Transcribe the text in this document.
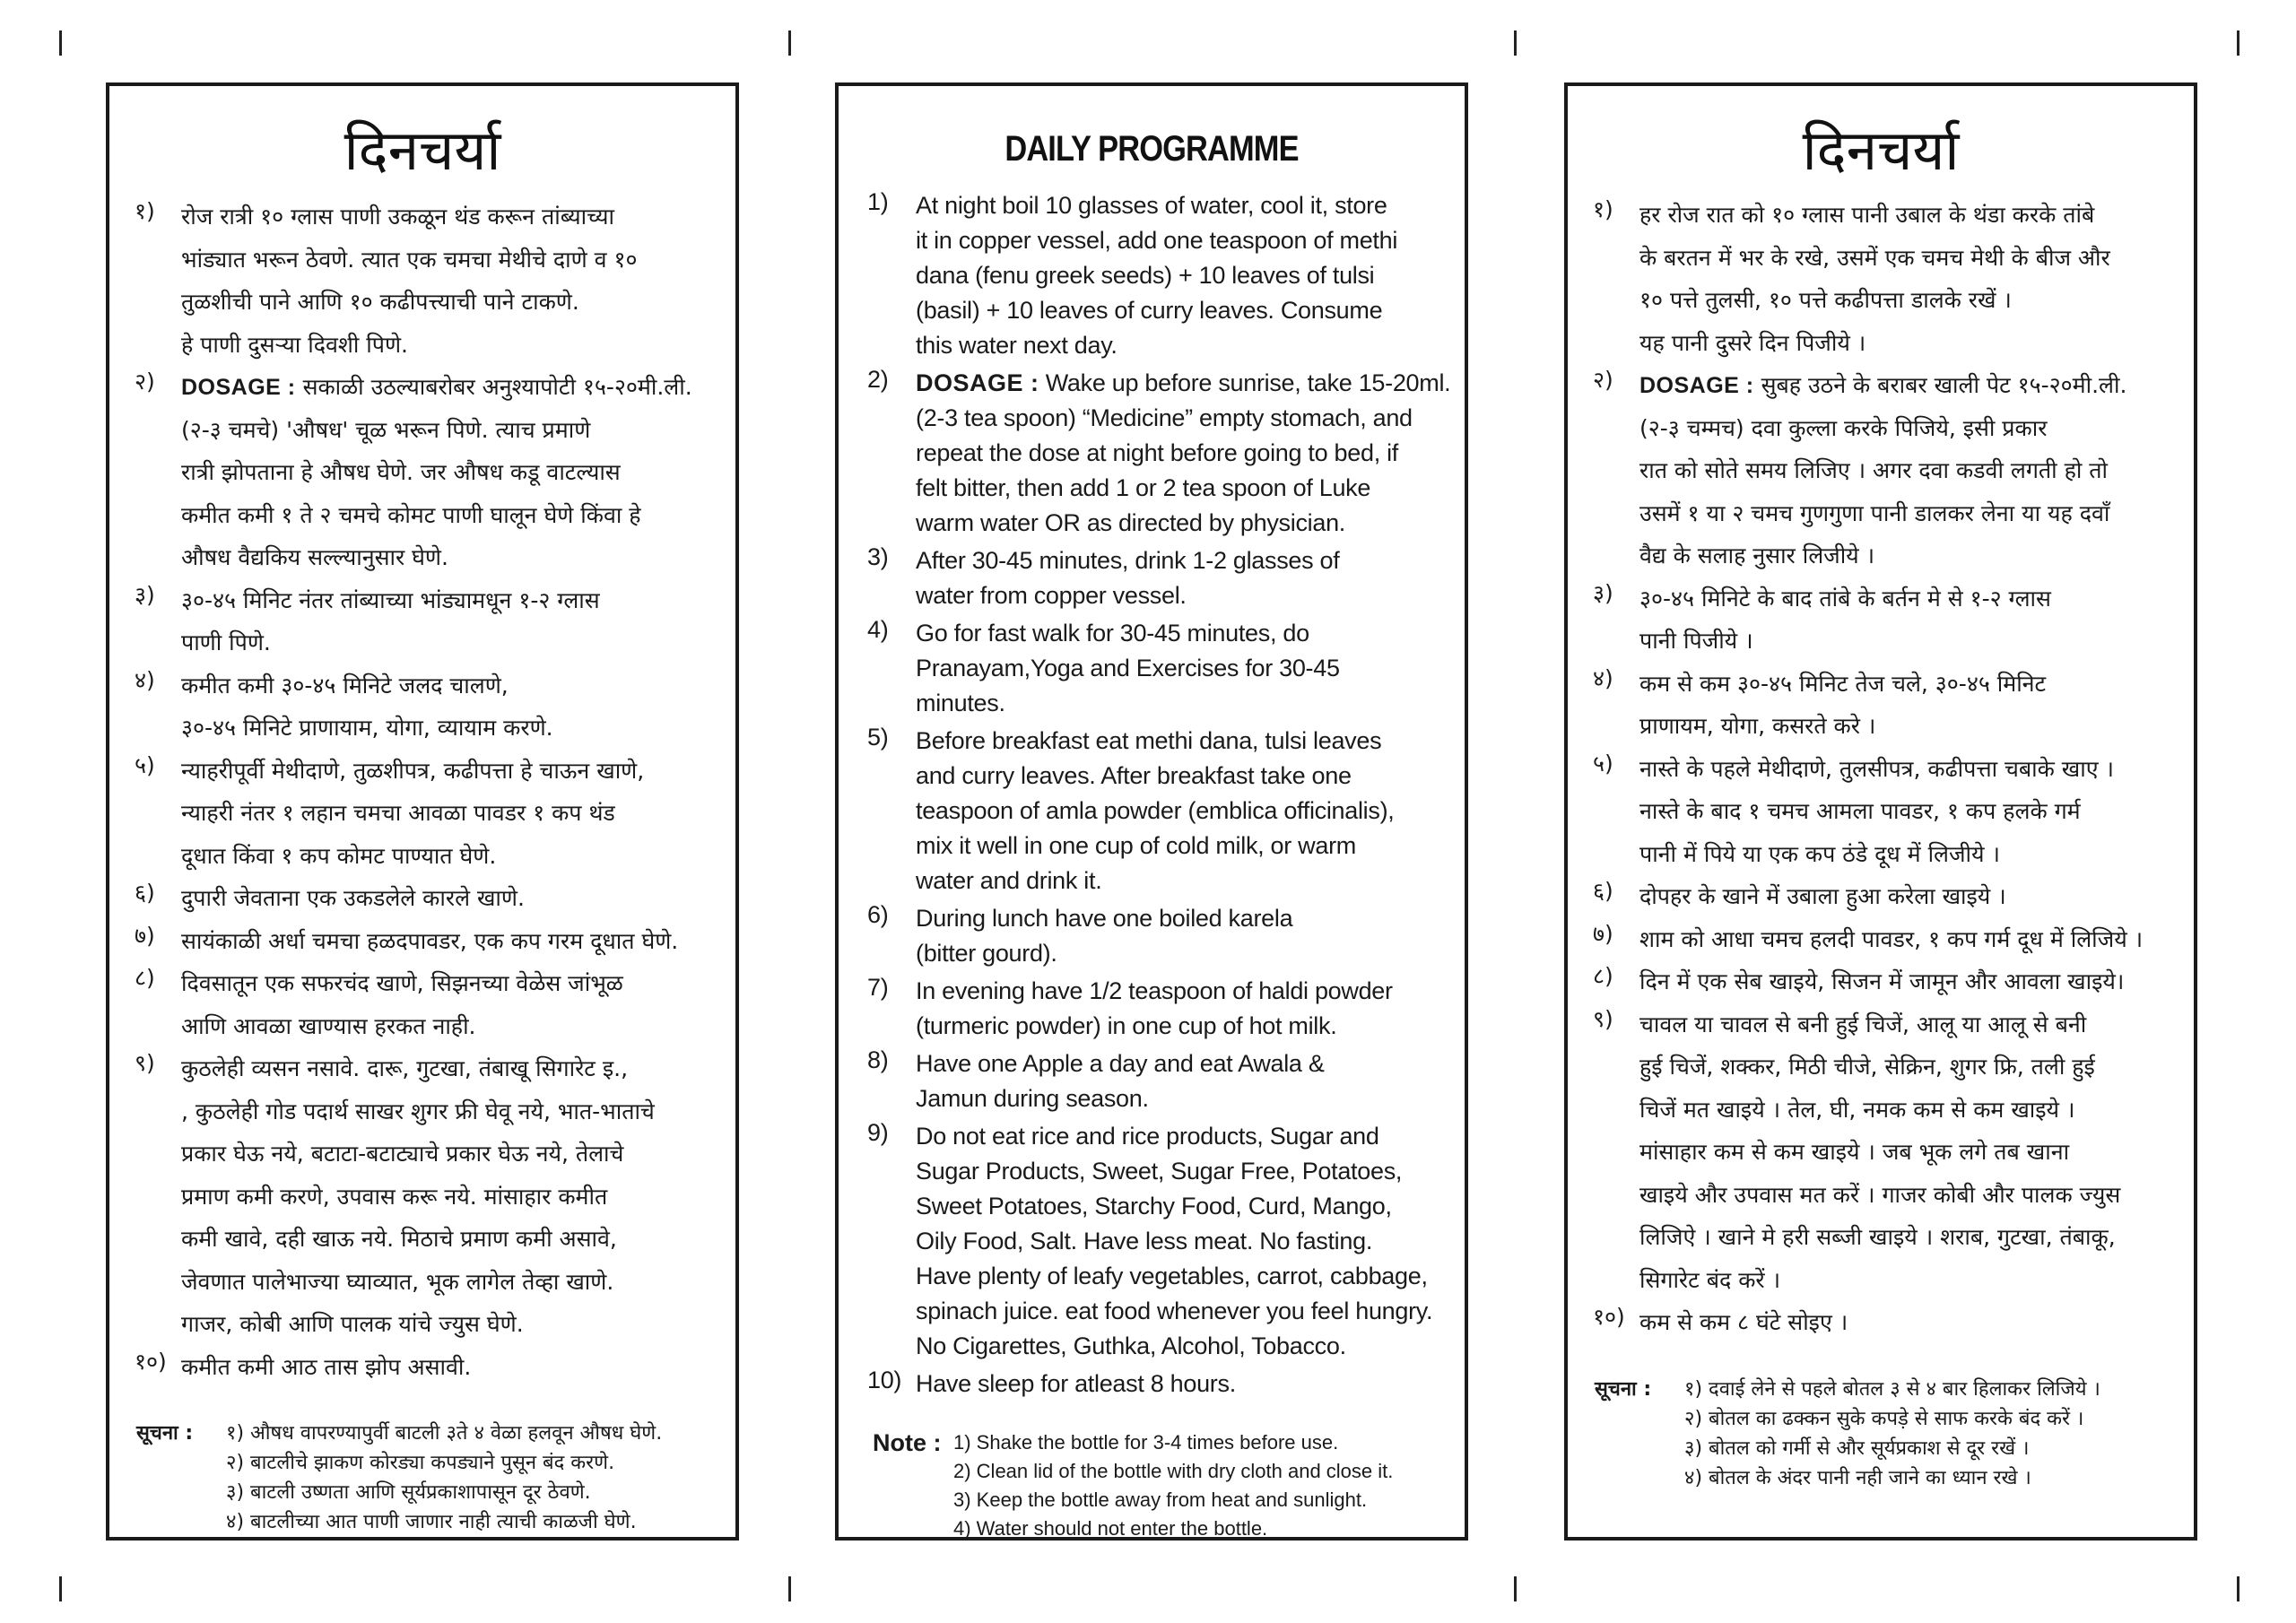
दिनचर्या
१)	रोज रात्री १० ग्लास पाणी उकळून थंड करून तांब्याच्या
भांड्यात भरून ठेवणे. त्यात एक चमचा मेथीचे दाणे व १०
तुळशीची पाने आणि १० कढीपत्त्याची पाने टाकणे.
हे पाणी दुसऱ्या दिवशी पिणे.
२)	DOSAGE : सकाळी उठल्याबरोबर अनुश्यापोटी १५-२०मी.ली.
(२-३ चमचे) 'औषध' चूळ भरून पिणे. त्याच प्रमाणे
रात्री झोपताना हे औषध घेणे. जर औषध कडू वाटल्यास
कमीत कमी १ ते २ चमचे कोमट पाणी घालून घेणे किंवा हे
औषध वैद्यकिय सल्ल्यानुसार घेणे.
३)	३०-४५ मिनिट नंतर तांब्याच्या भांड्यामधून १-२ ग्लास
पाणी पिणे.
४)	कमीत कमी ३०-४५ मिनिटे जलद चालणे,
३०-४५ मिनिटे प्राणायाम, योगा, व्यायाम करणे.
५)	न्याहरीपूर्वी मेथीदाणे, तुळशीपत्र, कढीपत्ता हे चाऊन खाणे,
न्याहरी नंतर १ लहान चमचा आवळा पावडर १ कप थंड
दूधात किंवा १ कप कोमट पाण्यात घेणे.
६)	दुपारी जेवताना एक उकडलेले कारले खाणे.
७)	सायंकाळी अर्धा चमचा हळदपावडर, एक कप गरम दूधात घेणे.
८)	दिवसातून एक सफरचंद खाणे, सिझनच्या वेळेस जांभूळ
आणि आवळा खाण्यास हरकत नाही.
९)	कुठलेही व्यसन नसावे. दारू, गुटखा, तंबाखू सिगारेट इ.,
, कुठलेही गोड पदार्थ साखर शुगर फ्री घेवू नये, भात-भाताचे
प्रकार घेऊ नये, बटाटा-बटाट्याचे प्रकार घेऊ नये, तेलाचे
प्रमाण कमी करणे, उपवास करू नये. मांसाहार कमीत
कमी खावे, दही खाऊ नये. मिठाचे प्रमाण कमी असावे,
जेवणात पालेभाज्या घ्याव्यात, भूक लागेल तेव्हा खाणे.
गाजर, कोबी आणि पालक यांचे ज्युस घेणे.
१०) कमीत कमी आठ तास झोप असावी.
सूचना :	१) औषध वापरण्यापुर्वी बाटली ३ते ४ वेळा हलवून औषध घेणे.
२) बाटलीचे झाकण कोरड्या कपड्याने पुसून बंद करणे.
३) बाटली उष्णता आणि सूर्यप्रकाशापासून दूर ठेवणे.
४) बाटलीच्या आत पाणी जाणार नाही त्याची काळजी घेणे.
DAILY PROGRAMME
1)	At night boil 10 glasses of water, cool it, store
it in copper vessel, add one teaspoon of methi
dana (fenu greek seeds) + 10 leaves of tulsi
(basil) + 10 leaves of curry leaves. Consume
this water next day.
2)	DOSAGE : Wake up before sunrise, take 15-20ml.
(2-3 tea spoon) “Medicine” empty stomach, and
repeat the dose at night before going to bed, if
felt bitter, then add 1 or 2 tea spoon of Luke
warm water OR as directed by physician.
3)	After 30-45 minutes, drink 1-2 glasses of
water from copper vessel.
4)	Go for fast walk for 30-45 minutes, do
Pranayam,Yoga and Exercises for 30-45
minutes.
5)	Before breakfast eat methi dana, tulsi leaves
and curry leaves. After breakfast take one
teaspoon of amla powder (emblica officinalis),
mix it well in one cup of cold milk, or warm
water and drink it.
6)	During lunch have one boiled karela
(bitter gourd).
7)	In evening have 1/2 teaspoon of haldi powder
(turmeric powder) in one cup of hot milk.
8)	Have one Apple a day and eat Awala &
Jamun during season.
9)	Do not eat rice and rice products, Sugar and
Sugar Products, Sweet, Sugar Free, Potatoes,
Sweet Potatoes, Starchy Food, Curd, Mango,
Oily Food, Salt. Have less meat. No fasting.
Have plenty of leafy vegetables, carrot, cabbage,
spinach juice. eat food whenever you feel hungry.
No Cigarettes, Guthka, Alcohol, Tobacco.
10) Have sleep for atleast 8 hours.
Note : 1) Shake the bottle for 3-4 times before use.
2) Clean lid of the bottle with dry cloth and close it.
3) Keep the bottle away from heat and sunlight.
4) Water should not enter the bottle.
दिनचर्या
१)	हर रोज रात को १० ग्लास पानी उबाल के थंडा करके तांबे
के बरतन में भर के रखे, उसमें एक चमच मेथी के बीज और
१० पत्ते तुलसी, १० पत्ते कढीपत्ता डालके रखें ।
यह पानी दुसरे दिन पिजीये ।
२)	DOSAGE : सुबह उठने के बराबर खाली पेट १५-२०मी.ली.
(२-३ चम्मच) दवा कुल्ला करके पिजिये, इसी प्रकार
रात को सोते समय लिजिए । अगर दवा कडवी लगती हो तो
उसमें १ या २ चमच गुणगुणा पानी डालकर लेना या यह दवाँ
वैद्य के सलाह नुसार लिजीये ।
३)	३०-४५ मिनिटे के बाद तांबे के बर्तन मे से १-२ ग्लास
पानी पिजीये ।
४)	कम से कम ३०-४५ मिनिट तेज चले, ३०-४५ मिनिट
प्राणायम, योगा, कसरते करे ।
५)	नास्ते के पहले मेथीदाणे, तुलसीपत्र, कढीपत्ता चबाके खाए ।
नास्ते के बाद १ चमच आमला पावडर, १ कप हलके गर्म
पानी में पिये या एक कप ठंडे दूध में लिजीये ।
६)	दोपहर के खाने में उबाला हुआ करेला खाइये ।
७)	शाम को आधा चमच हलदी पावडर, १ कप गर्म दूध में लिजिये ।
८)	दिन में एक सेब खाइये, सिजन में जामून और आवला खाइये।
९)	चावल या चावल से बनी हुई चिजें, आलू या आलू से बनी
हुई चिजें, शक्कर, मिठी चीजे, सेक्रिन, शुगर फ्रि, तली हुई
चिजें मत खाइये । तेल, घी, नमक कम से कम खाइये ।
मांसाहार कम से कम खाइये । जब भूक लगे तब खाना
खाइये और उपवास मत करें । गाजर कोबी और पालक ज्युस
लिजिऐ । खाने मे हरी सब्जी खाइये । शराब, गुटखा, तंबाकू,
सिगारेट बंद करें ।
१०) कम से कम ८ घंटे सोइए ।
सूचना :	१) दवाई लेने से पहले बोतल ३ से ४ बार हिलाकर लिजिये ।
२) बोतल का ढक्कन सुके कपड़े से साफ करके बंद करें ।
३) बोतल को गर्मी से और सूर्यप्रकाश से दूर रखें ।
४) बोतल के अंदर पानी नही जाने का ध्यान रखे ।
